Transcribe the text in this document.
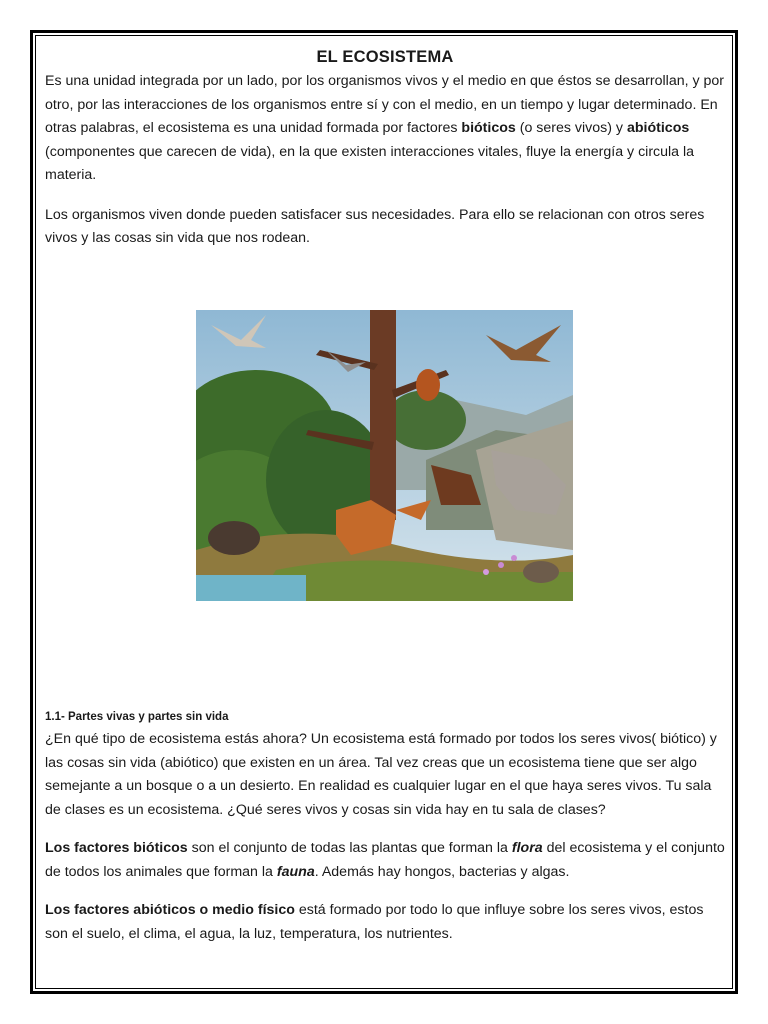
EL ECOSISTEMA

Es una unidad integrada por un lado, por los organismos vivos y el medio en que éstos se desarrollan, y por otro, por las interacciones de los organismos entre sí y con el medio, en un tiempo y lugar determinado. En otras palabras, el ecosistema es una unidad formada por factores bióticos (o seres vivos) y abióticos (componentes que carecen de vida), en la que existen interacciones vitales, fluye la energía y circula la materia.

Los organismos viven donde pueden satisfacer sus necesidades. Para ello se relacionan con otros seres vivos y las cosas sin vida que nos rodean.

1.1- Partes vivas y partes sin vida

¿En qué tipo de ecosistema estás ahora? Un ecosistema está formado por todos los seres vivos( biótico) y las cosas sin vida (abiótico) que existen en un área. Tal vez creas que un ecosistema tiene que ser algo semejante a un bosque o a un desierto. En realidad es cualquier lugar en el que haya seres vivos. Tu sala de clases es un ecosistema. ¿Qué seres vivos y cosas sin vida hay en tu sala de clases?

Los factores bióticos son el conjunto de todas las plantas que forman la flora del ecosistema y el conjunto de todos los animales que forman la fauna. Además hay hongos, bacterias y algas.

Los factores abióticos o medio físico está formado por todo lo que influye sobre los seres vivos, estos son el suelo, el clima, el agua, la luz, temperatura, los nutrientes.
